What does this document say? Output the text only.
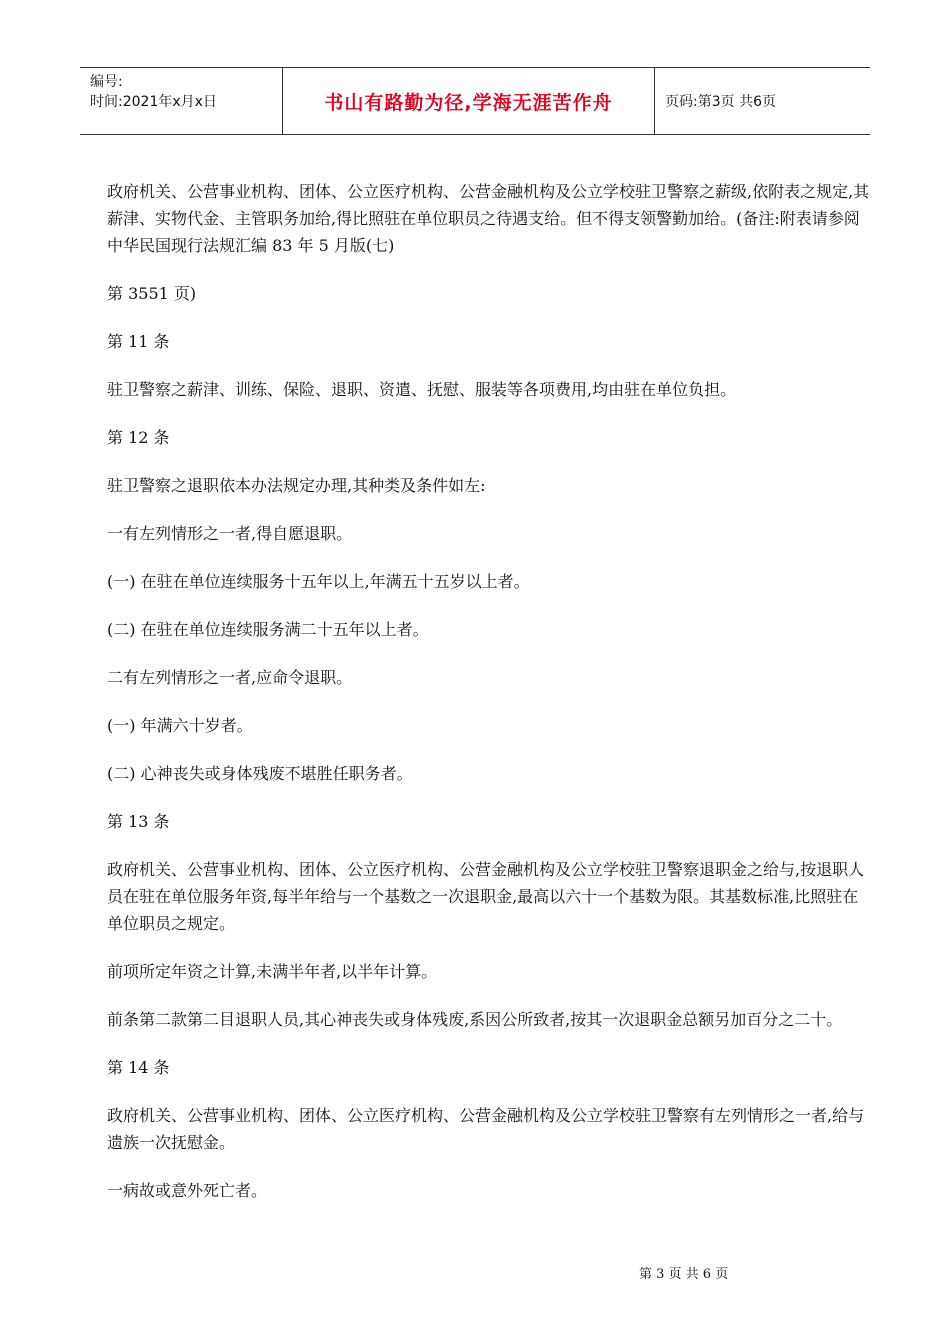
编号:
时间:2021年x月x日	书山有路勤为径,学海无涯苦作舟	页码:第3页 共6页

政府机关、公营事业机构、团体、公立医疗机构、公营金融机构及公立学校驻卫警察之薪级,依附表之规定,其薪津、实物代金、主管职务加给,得比照驻在单位职员之待遇支给。但不得支领警勤加给。(备注:附表请参阅中华民国现行法规汇编 83 年 5 月版(七)

第 3551 页)

第 11 条

驻卫警察之薪津、训练、保险、退职、资遣、抚慰、服装等各项费用,均由驻在单位负担。

第 12 条

驻卫警察之退职依本办法规定办理,其种类及条件如左:

一有左列情形之一者,得自愿退职。

(一) 在驻在单位连续服务十五年以上,年满五十五岁以上者。

(二) 在驻在单位连续服务满二十五年以上者。

二有左列情形之一者,应命令退职。

(一) 年满六十岁者。

(二) 心神丧失或身体残废不堪胜任职务者。

第 13 条

政府机关、公营事业机构、团体、公立医疗机构、公营金融机构及公立学校驻卫警察退职金之给与,按退职人员在驻在单位服务年资,每半年给与一个基数之一次退职金,最高以六十一个基数为限。其基数标准,比照驻在单位职员之规定。

前项所定年资之计算,未满半年者,以半年计算。

前条第二款第二目退职人员,其心神丧失或身体残废,系因公所致者,按其一次退职金总额另加百分之二十。

第 14 条

政府机关、公营事业机构、团体、公立医疗机构、公营金融机构及公立学校驻卫警察有左列情形之一者,给与遗族一次抚慰金。

一病故或意外死亡者。

第 3 页 共 6 页
